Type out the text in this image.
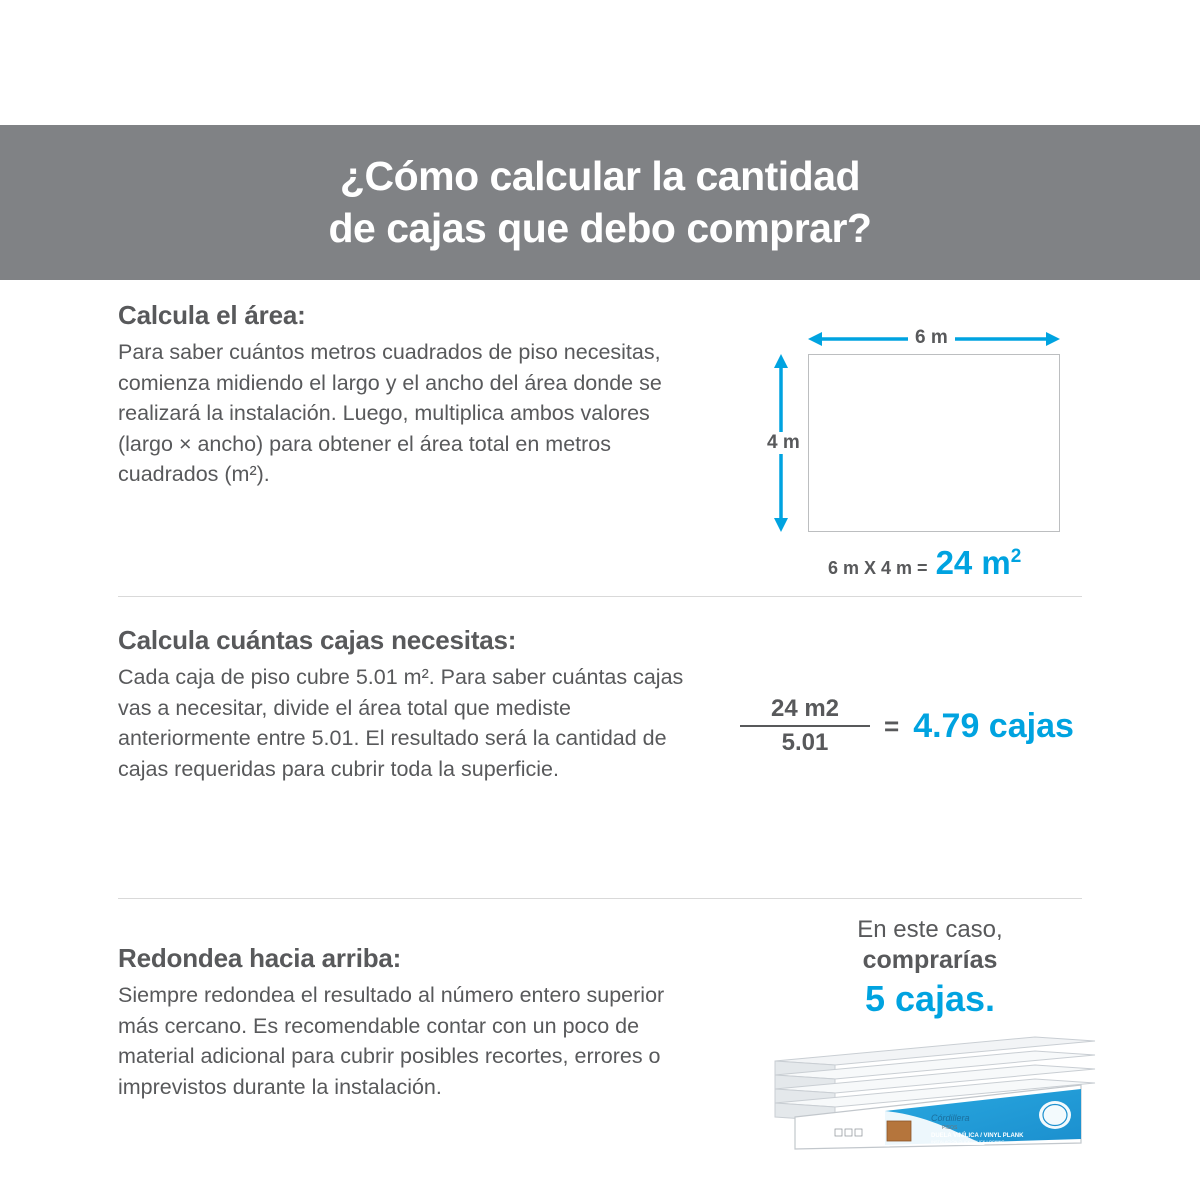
¿Cómo calcular la cantidad
de cajas que debo comprar?
Calcula el área:
Para saber cuántos metros cuadrados de piso necesitas, comienza midiendo el largo y el ancho del área donde se realizará la instalación. Luego, multiplica ambos valores (largo × ancho) para obtener el área total en metros cuadrados (m²).
6 m
4 m
6 m X 4 m = 24 $m^2$
Calcula cuántas cajas necesitas:
Cada caja de piso cubre 5.01 m². Para saber cuántas cajas vas a necesitar, divide el área total que mediste anteriormente entre 5.01. El resultado será la cantidad de cajas requeridas para cubrir toda la superficie.
$\frac{24 m2}{5.01} = 4.79$ cajas
Redondea hacia arriba:
Siempre redondea el resultado al número entero superior más cercano. Es recomendable contar con un poco de material adicional para cubrir posibles recortes, errores o imprevistos durante la instalación.
En este caso,
comprarías
5 cajas.
Córdillera
PISOS
DUELA VINÍLICA / VINYL PLANK
INSTALACIÓN CLICK / CLICK LOCKING
